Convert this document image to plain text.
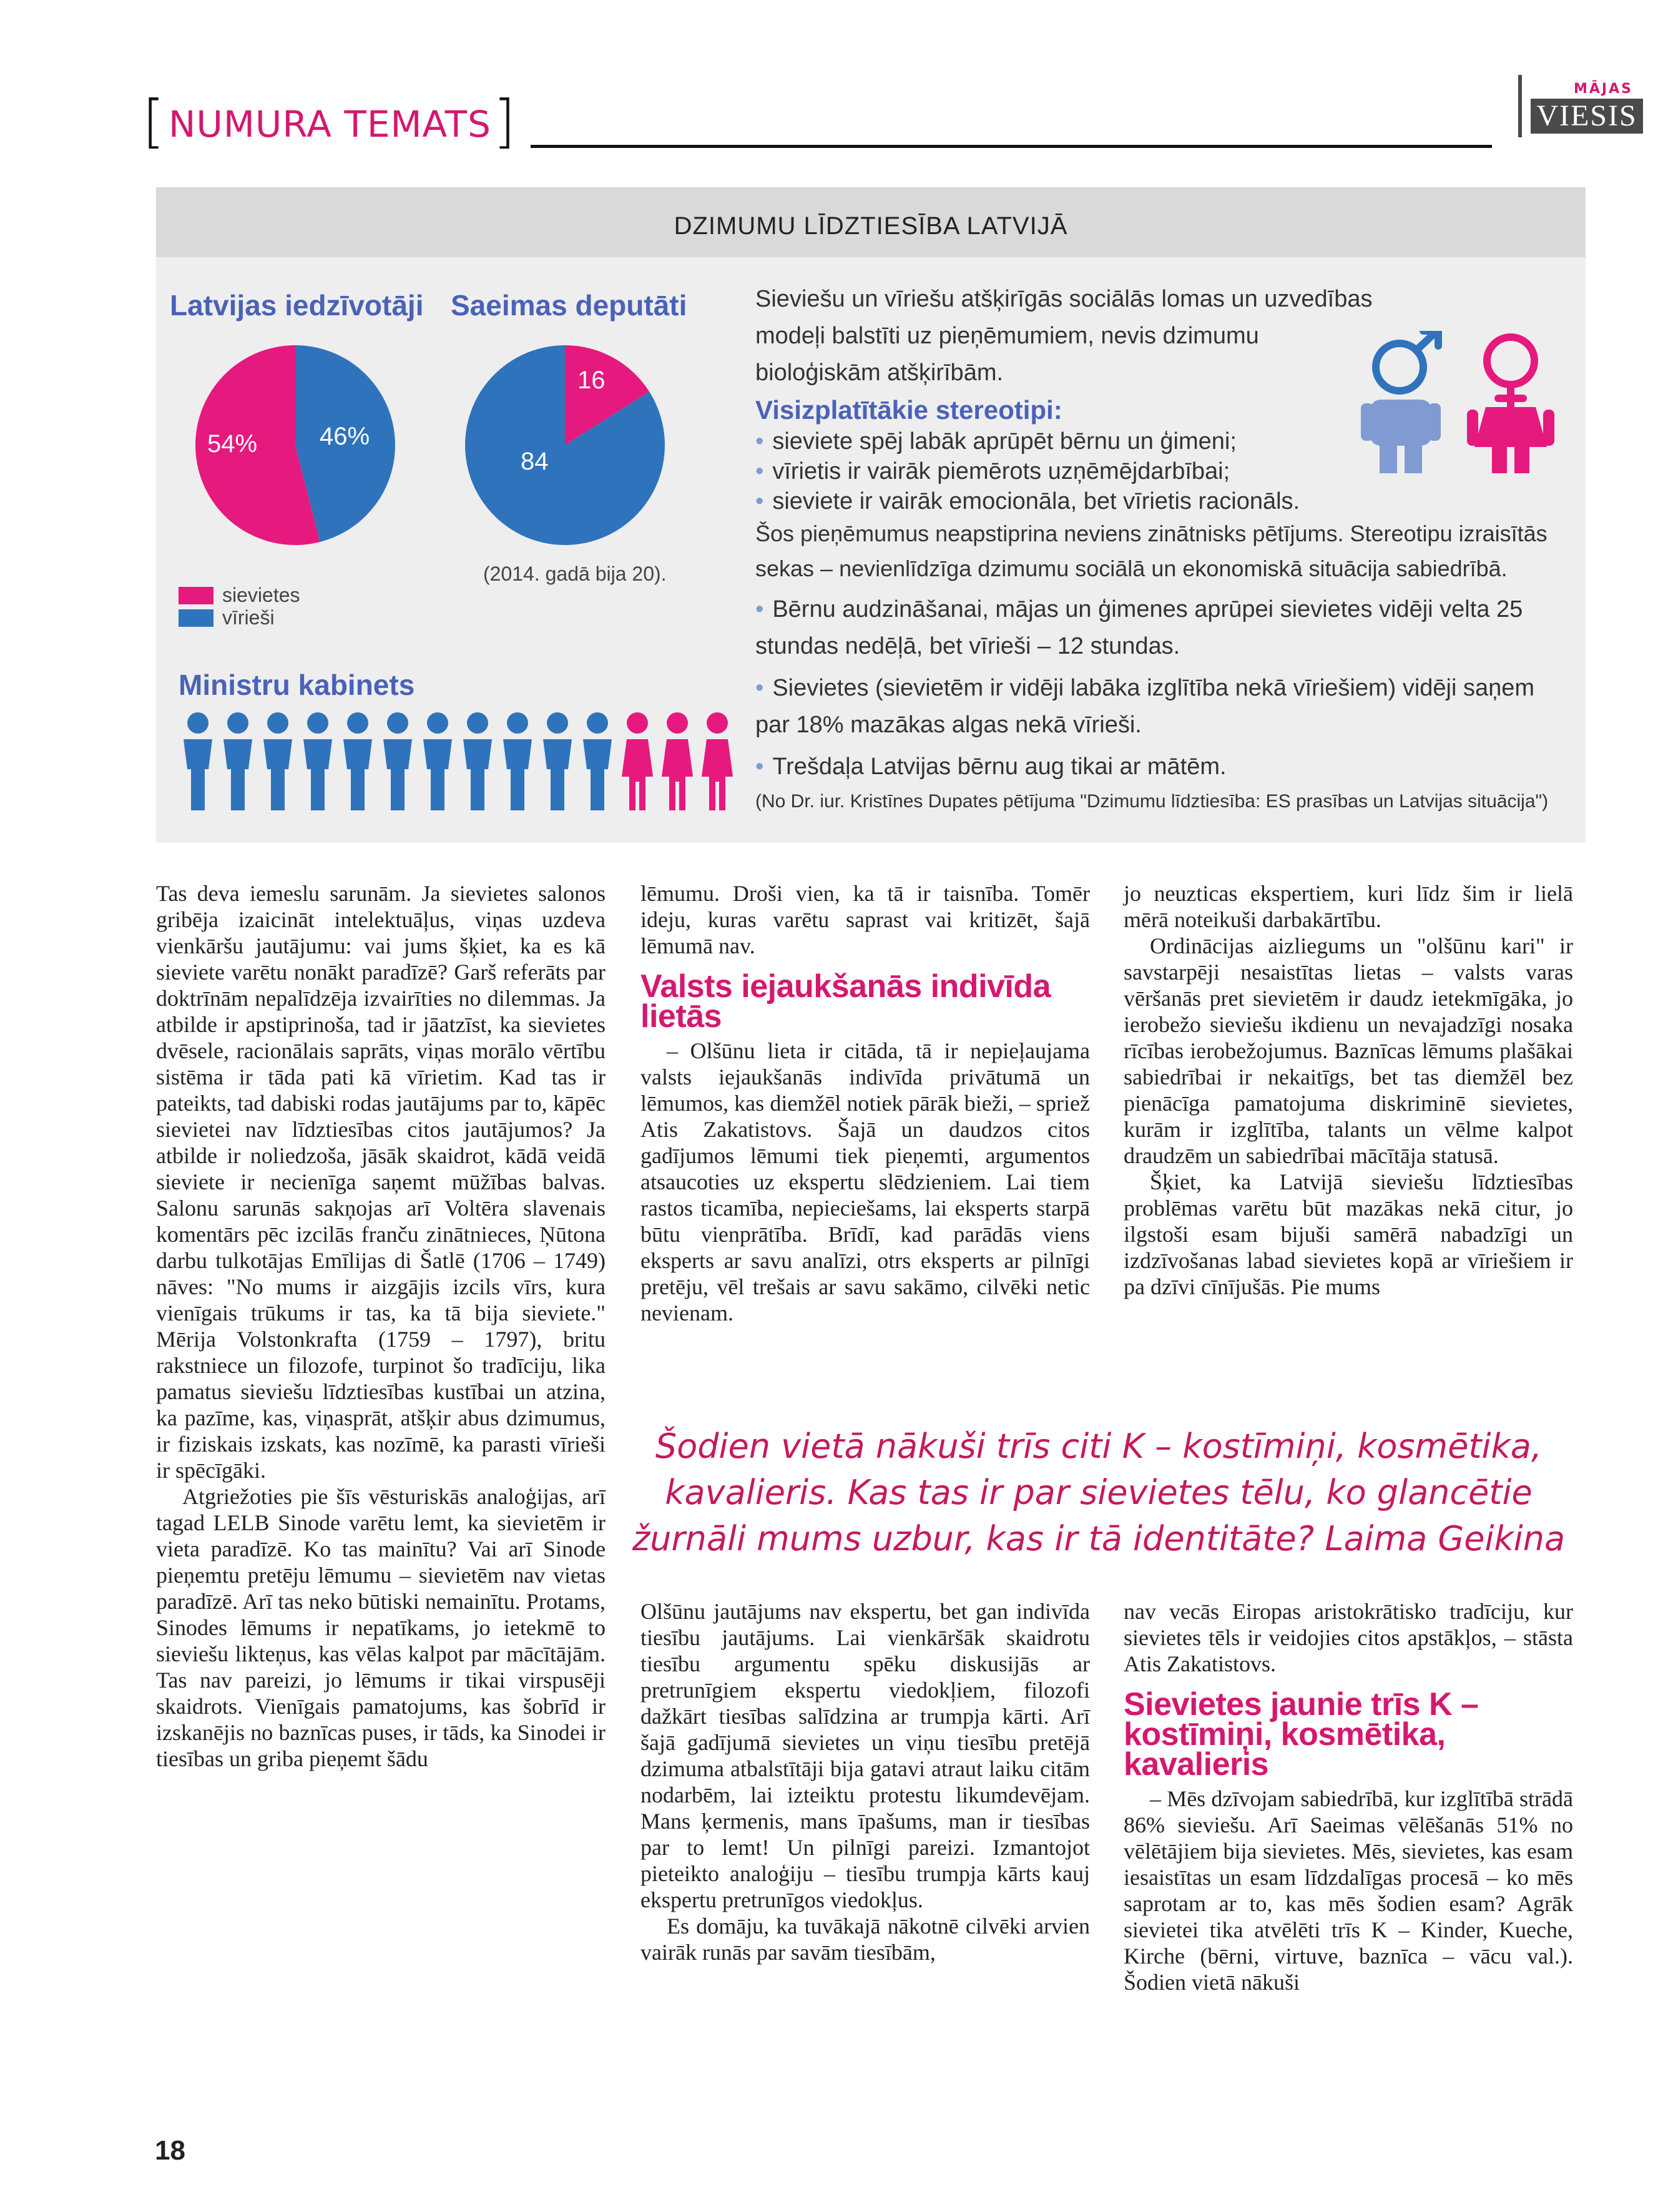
[ NUMURA TEMATS ]	MĀJAS
VIESIS
DZIMUMU LĪDZTIESĪBA LATVIJĀ
Latvijas iedzīvotāji Saeimas deputāti
54% 46%
16
84
(2014. gadā bija 20).
sievietes
vīrieši
Ministru kabinets
Sieviešu un vīriešu atšķirīgās sociālās lomas un uzvedības modeļi balstīti uz pieņēmumiem, nevis dzimumu bioloģiskām atšķirībām.
Visizplatītākie stereotipi:
• sieviete spēj labāk aprūpēt bērnu un ģimeni;
• vīrietis ir vairāk piemērots uzņēmējdarbībai;
• sieviete ir vairāk emocionāla, bet vīrietis racionāls.
Šos pieņēmumus neapstiprina neviens zinātnisks pētījums. Stereotipu izraisītās sekas – nevienlīdzīga dzimumu sociālā un ekonomiskā situācija sabiedrībā.
• Bērnu audzināšanai, mājas un ģimenes aprūpei sievietes vidēji velta 25 stundas nedēļā, bet vīrieši – 12 stundas.
• Sievietes (sievietēm ir vidēji labāka izglītība nekā vīriešiem) vidēji saņem par 18% mazākas algas nekā vīrieši.
• Trešdaļa Latvijas bērnu aug tikai ar mātēm.
(No Dr. iur. Kristīnes Dupates pētījuma "Dzimumu līdztiesība: ES prasības un Latvijas situācija")

Tas deva iemeslu sarunām. Ja sievietes salonos gribēja izaicināt intelektuāļus, viņas uzdeva vienkāršu jautājumu: vai jums šķiet, ka es kā sieviete varētu nonākt paradīzē? Garš referāts par doktrīnām nepalīdzēja izvairīties no dilemmas. Ja atbilde ir apstiprinoša, tad ir jāatzīst, ka sievietes dvēsele, racionālais saprāts, viņas morālo vērtību sistēma ir tāda pati kā vīrietim. Kad tas ir pateikts, tad dabiski rodas jautājums par to, kāpēc sievietei nav līdztiesības citos jautājumos? Ja atbilde ir noliedzoša, jāsāk skaidrot, kādā veidā sieviete ir necienīga saņemt mūžības balvas. Salonu sarunās sakņojas arī Voltēra slavenais komentārs pēc izcilās franču zinātnieces, Ņūtona darbu tulkotājas Emīlijas di Šatlē (1706 – 1749) nāves: "No mums ir aizgājis izcils vīrs, kura vienīgais trūkums ir tas, ka tā bija sieviete." Mērija Volstonkrafta (1759 – 1797), britu rakstniece un filozofe, turpinot šo tradīciju, lika pamatus sieviešu līdztiesības kustībai un atzina, ka pazīme, kas, viņasprāt, atšķir abus dzimumus, ir fiziskais izskats, kas nozīmē, ka parasti vīrieši ir spēcīgāki.

Atgriežoties pie šīs vēsturiskās analoģijas, arī tagad LELB Sinode varētu lemt, ka sievietēm ir vieta paradīzē. Ko tas mainītu? Vai arī Sinode pieņemtu pretēju lēmumu – sievietēm nav vietas paradīzē. Arī tas neko būtiski nemainītu. Protams, Sinodes lēmums ir nepatīkams, jo ietekmē to sieviešu likteņus, kas vēlas kalpot par mācītājām. Tas nav pareizi, jo lēmums ir tikai virspusēji skaidrots. Vienīgais pamatojums, kas šobrīd ir izskanējis no baznīcas puses, ir tāds, ka Sinodei ir tiesības un griba pieņemt šādu

lēmumu. Droši vien, ka tā ir taisnība. Tomēr ideju, kuras varētu saprast vai kritizēt, šajā lēmumā nav.

Valsts iejaukšanās indivīda lietās

– Olšūnu lieta ir citāda, tā ir nepieļaujama valsts iejaukšanās indivīda privātumā un lēmumos, kas diemžēl notiek pārāk bieži, – spriež Atis Zakatistovs. Šajā un daudzos citos gadījumos lēmumi tiek pieņemti, argumentos atsaucoties uz ekspertu slēdzieniem. Lai tiem rastos ticamība, nepieciešams, lai eksperts starpā būtu vienprātība. Brīdī, kad parādās viens eksperts ar savu analīzi, otrs eksperts ar pilnīgi pretēju, vēl trešais ar savu sakāmo, cilvēki netic nevienam.

jo neuzticas ekspertiem, kuri līdz šim ir lielā mērā noteikuši darbakārtību.

Ordinācijas aizliegums un "olšūnu kari" ir savstarpēji nesaistītas lietas – valsts varas vēršanās pret sievietēm ir daudz ietekmīgāka, jo ierobežo sieviešu ikdienu un nevajadzīgi nosaka rīcības ierobežojumus. Baznīcas lēmums plašākai sabiedrībai ir nekaitīgs, bet tas diemžēl bez pienācīga pamatojuma diskriminē sievietes, kurām ir izglītība, talants un vēlme kalpot draudzēm un sabiedrībai mācītāja statusā.

Šķiet, ka Latvijā sieviešu līdztiesības problēmas varētu būt mazākas nekā citur, jo ilgstoši esam bijuši samērā nabadzīgi un izdzīvošanas labad sievietes kopā ar vīriešiem ir pa dzīvi cīnījušās. Pie mums

Šodien vietā nākuši trīs citi K – kostīmiņi, kosmētika, kavalieris. Kas tas ir par sievietes tēlu, ko glancētie žurnāli mums uzbur, kas ir tā identitāte? Laima Geikina

Olšūnu jautājums nav ekspertu, bet gan indivīda tiesību jautājums. Lai vienkāršāk skaidrotu tiesību argumentu spēku diskusijās ar pretrunīgiem ekspertu viedokļiem, filozofi dažkārt tiesības salīdzina ar trumpja kārti. Arī šajā gadījumā sievietes un viņu tiesību pretējā dzimuma atbalstītāji bija gatavi atraut laiku citām nodarbēm, lai izteiktu protestu likumdevējam. Mans ķermenis, mans īpašums, man ir tiesības par to lemt! Un pilnīgi pareizi. Izmantojot pieteikto analoģiju – tiesību trumpja kārts kauj ekspertu pretrunīgos viedokļus.

Es domāju, ka tuvākajā nākotnē cilvēki arvien vairāk runās par savām tiesībām,

nav vecās Eiropas aristokrātisko tradīciju, kur sievietes tēls ir veidojies citos apstākļos, – stāsta Atis Zakatistovs.

Sievietes jaunie trīs K – kostīmiņi, kosmētika, kavalieris

– Mēs dzīvojam sabiedrībā, kur izglītībā strādā 86% sieviešu. Arī Saeimas vēlēšanās 51% no vēlētājiem bija sievietes. Mēs, sievietes, kas esam iesaistītas un esam līdzdalīgas procesā – ko mēs saprotam ar to, kas mēs šodien esam? Agrāk sievietei tika atvēlēti trīs K – Kinder, Kueche, Kirche (bērni, virtuve, baznīca – vācu val.). Šodien vietā nākuši

18
